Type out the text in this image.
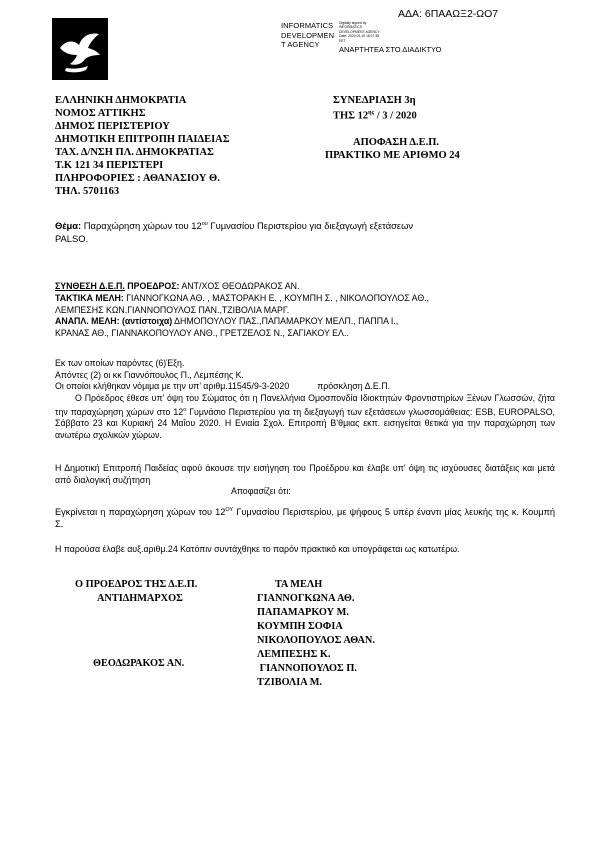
ΑΔΑ: 6ΠΑΑΩΞ2-ΩΟ7
INFORMATICS
DEVELOPMEN
T AGENCY
Digitally signed by
INFORMATICS
DEVELOPMENT AGENCY
Date: 2020.03.19 18:27:35
EET
ΑΝΑΡΤΗΤΕΑ ΣΤΟ ΔΙΑΔΙΚΤΥΟ
ΕΛΛΗΝΙΚΗ ΔΗΜΟΚΡΑΤΙΑ
ΝΟΜΟΣ ΑΤΤΙΚΗΣ
ΔΗΜΟΣ ΠΕΡΙΣΤΕΡΙΟΥ
ΔΗΜΟΤΙΚΗ ΕΠΙΤΡΟΠΗ ΠΑΙΔΕΙΑΣ
ΤΑΧ. Δ/ΝΣΗ ΠΛ. ΔΗΜΟΚΡΑΤΙΑΣ
Τ.Κ 121 34 ΠΕΡΙΣΤΕΡΙ
ΠΛΗΡΟΦΟΡΙΕΣ : ΑΘΑΝΑΣΙΟΥ Θ.
ΤΗΛ. 5701163
ΣΥΝΕΔΡΙΑΣΗ 3η
ΤΗΣ $12^{\eta\varsigma} / 3 / 2020$
ΑΠΟΦΑΣΗ Δ.Ε.Π.
ΠΡΑΚΤΙΚΟ ΜΕ ΑΡΙΘΜΟ 24
Θέμα: Παραχώρηση χώρων του $12^{o\upsilon}$ Γυμνασίου Περιστερίου για διεξαγωγή εξετάσεων
PALSO.
ΣΥΝΘΕΣΗ Δ.Ε.Π. ΠΡΟΕΔΡΟΣ: ΑΝΤ/ΧΟΣ ΘΕΟΔΩΡΑΚΟΣ ΑΝ.
ΤΑΚΤΙΚΑ ΜΕΛΗ: ΓΙΑΝΝΟΓΚΩΝΑ ΑΘ. , ΜΑΣΤΟΡΑΚΗ Ε. , ΚΟΥΜΠΗ Σ. , ΝΙΚΟΛΟΠΟΥΛΟΣ ΑΘ.,
ΛΕΜΠΕΣΗΣ ΚΩΝ.ΓΙΑΝΝΟΠΟΥΛΟΣ ΠΑΝ.,ΤΖΙΒΟΛΙΑ ΜΑΡΓ.
ΑΝΑΠΛ. ΜΕΛΗ: (αντίστοιχα) ΔΗΜΟΠΟΥΛΟΥ ΠΑΣ.,ΠΑΠΑΜΑΡΚΟΥ ΜΕΛΠ., ΠΑΠΠΑ Ι.,
ΚΡΑΝΑΣ ΑΘ., ΓΙΑΝΝΑΚΟΠΟΥΛΟΥ ΑΝΘ., ΓΡΕΤΖΕΛΟΣ Ν., ΣΑΓΙΑΚΟΥ ΕΛ..
Εκ των οποίων παρόντες (6)Έξη.
Απόντες (2) οι κκ Γιαννόπουλος Π., Λεμπέσης Κ.
Οι οποίοι κλήθηκαν νόμιμα με την υπ’ αριθμ.11545/9-3-2020	πρόσκληση Δ.Ε.Π.
Ο Πρόεδρος έθεσε υπ’ όψη του Σώματος ότι η Πανελλήνια Ομοσπονδία Ιδιοκτητών Φροντιστηρίων Ξένων Γλωσσών, ζήτα την παραχώρηση χώρων στο $12^o$ Γυμνάσιο Περιστερίου για τη διεξαγωγή των εξετάσεων γλωσσομάθειας: ESB, EUROPALSO, Σάββατο 23 και Κυριακή 24 Μαΐου 2020. Η Ενιαία Σχολ. Επιτροπή Β’θμιας εκπ. εισηγείται θετικά για την παραχώρηση των ανωτέρω σχολικών χώρων.
Η Δημοτική Επιτροπή Παιδείας αφού άκουσε την εισήγηση του Προέδρου και έλαβε υπ’ όψη τις ισχύουσες διατάξεις και μετά από διαλογική συζήτηση
Αποφασίζει ότι:
Εγκρίνεται η παραχώρηση χώρων του $12^{O\Upsilon}$ Γυμνασίου Περιστερίου, με ψήφους 5 υπέρ έναντι μίας λευκής της κ. Κουμπή Σ.
Η παρούσα έλαβε αυξ.αριθμ.24 Κατόπιν συντάχθηκε το παρόν πρακτικό και υπογράφεται ως κατωτέρω.
Ο ΠΡΟΕΔΡΟΣ ΤΗΣ Δ.Ε.Π.
ΑΝΤΙΔΗΜΑΡΧΟΣ
ΘΕΟΔΩΡΑΚΟΣ ΑΝ.
ΤΑ ΜΕΛΗ
ΓΙΑΝΝΟΓΚΩΝΑ ΑΘ.
ΠΑΠΑΜΑΡΚΟΥ Μ.
ΚΟΥΜΠΗ ΣΟΦΙΑ
ΝΙΚΟΛΟΠΟΥΛΟΣ ΑΘΑΝ.
ΛΕΜΠΕΣΗΣ Κ.
ΓΙΑΝΝΟΠΟΥΛΟΣ Π.
ΤΖΙΒΟΛΙΑ Μ.
